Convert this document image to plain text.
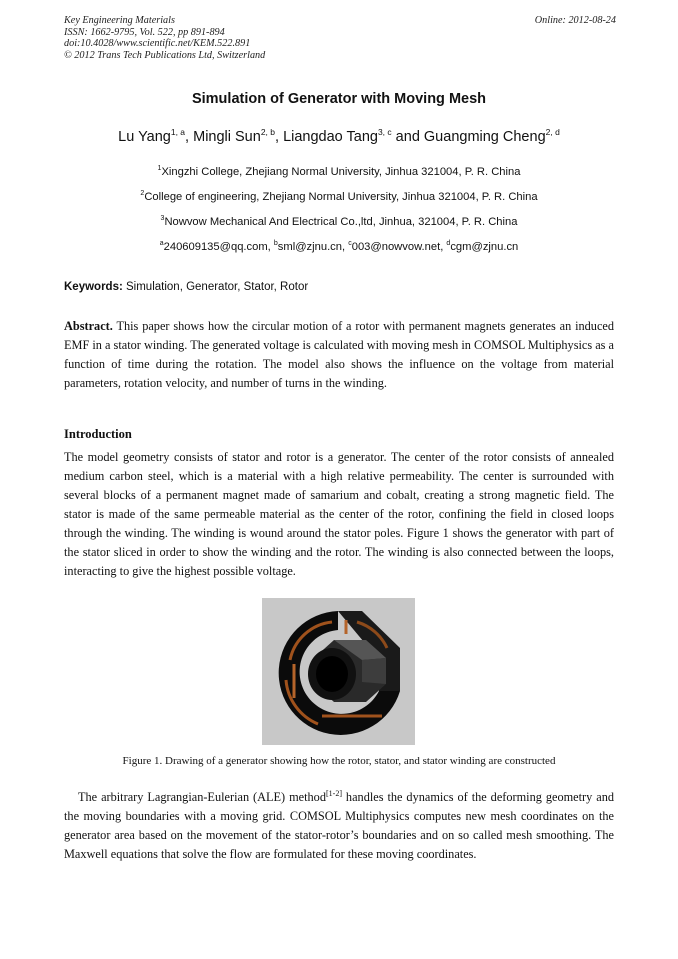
Key Engineering Materials
ISSN: 1662-9795, Vol. 522, pp 891-894
doi:10.4028/www.scientific.net/KEM.522.891
© 2012 Trans Tech Publications Ltd, Switzerland
Online: 2012-08-24
Simulation of Generator with Moving Mesh
Lu Yang$^{1, a}$, Mingli Sun$^{2, b}$, Liangdao Tang$^{3, c}$ and Guangming Cheng$^{2, d}$
$^1$Xingzhi College, Zhejiang Normal University, Jinhua 321004, P. R. China
$^2$College of engineering, Zhejiang Normal University, Jinhua 321004, P. R. China
$^3$Nowvow Mechanical And Electrical Co.,ltd, Jinhua, 321004, P. R. China
$^a$240609135@qq.com, $^b$sml@zjnu.cn, $^c$003@nowvow.net, $^d$cgm@zjnu.cn
Keywords: Simulation, Generator, Stator, Rotor
Abstract. This paper shows how the circular motion of a rotor with permanent magnets generates an induced EMF in a stator winding. The generated voltage is calculated with moving mesh in COMSOL Multiphysics as a function of time during the rotation. The model also shows the influence on the voltage from material parameters, rotation velocity, and number of turns in the winding.
Introduction
The model geometry consists of stator and rotor is a generator. The center of the rotor consists of annealed medium carbon steel, which is a material with a high relative permeability. The center is surrounded with several blocks of a permanent magnet made of samarium and cobalt, creating a strong magnetic field. The stator is made of the same permeable material as the center of the rotor, confining the field in closed loops through the winding. The winding is wound around the stator poles. Figure 1 shows the generator with part of the stator sliced in order to show the winding and the rotor. The winding is also connected between the loops, interacting to give the highest possible voltage.
Figure 1. Drawing of a generator showing how the rotor, stator, and stator winding are constructed
The arbitrary Lagrangian-Eulerian (ALE) method[1-2] handles the dynamics of the deforming geometry and the moving boundaries with a moving grid. COMSOL Multiphysics computes new mesh coordinates on the generator area based on the movement of the stator-rotor’s boundaries and on so called mesh smoothing. The Maxwell equations that solve the flow are formulated for these moving coordinates.
